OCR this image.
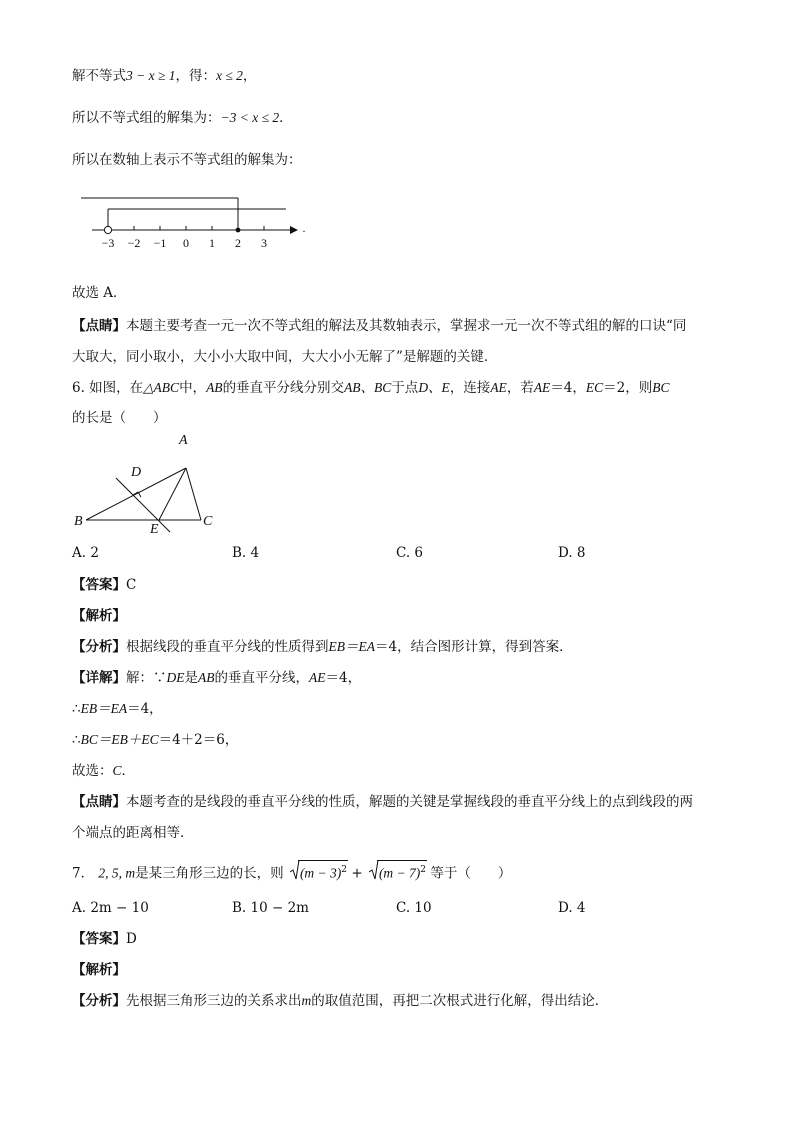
解不等式3 − x ≥ 1，得：x ≤ 2，
所以不等式组的解集为：−3 < x ≤ 2．
所以在数轴上表示不等式组的解集为：
−3 −2 −1 0 1 2 3
.
故选 A．
【点睛】本题主要考查一元一次不等式组的解法及其数轴表示，掌握求一元一次不等式组的解的口诀“同
大取大，同小取小，大小小大取中间，大大小小无解了”是解题的关键．
6. 如图，在△ABC中，AB的垂直平分线分别交AB、BC于点D、E，连接AE，若AE＝4，EC＝2，则BC
的长是（　　）
A
B	C
D
E
A. 2	B. 4	C. 6	D. 8
【答案】C
【解析】
【分析】根据线段的垂直平分线的性质得到EB＝EA＝4，结合图形计算，得到答案．
【详解】解：∵DE是AB的垂直平分线，AE＝4，
∴EB＝EA＝4，
∴BC＝EB＋EC＝4＋2＝6，
故选：C．
【点睛】本题考查的是线段的垂直平分线的性质，解题的关键是掌握线段的垂直平分线上的点到线段的两
个端点的距离相等．
7． 2, 5, m是某三角形三边的长，则 $(m - 3)^2 + (m - 7)^2$ 等于（　　）
A. 2m − 10	B. 10 − 2m	C. 10	D. 4
【答案】D
【解析】
【分析】先根据三角形三边的关系求出m的取值范围，再把二次根式进行化解，得出结论．
